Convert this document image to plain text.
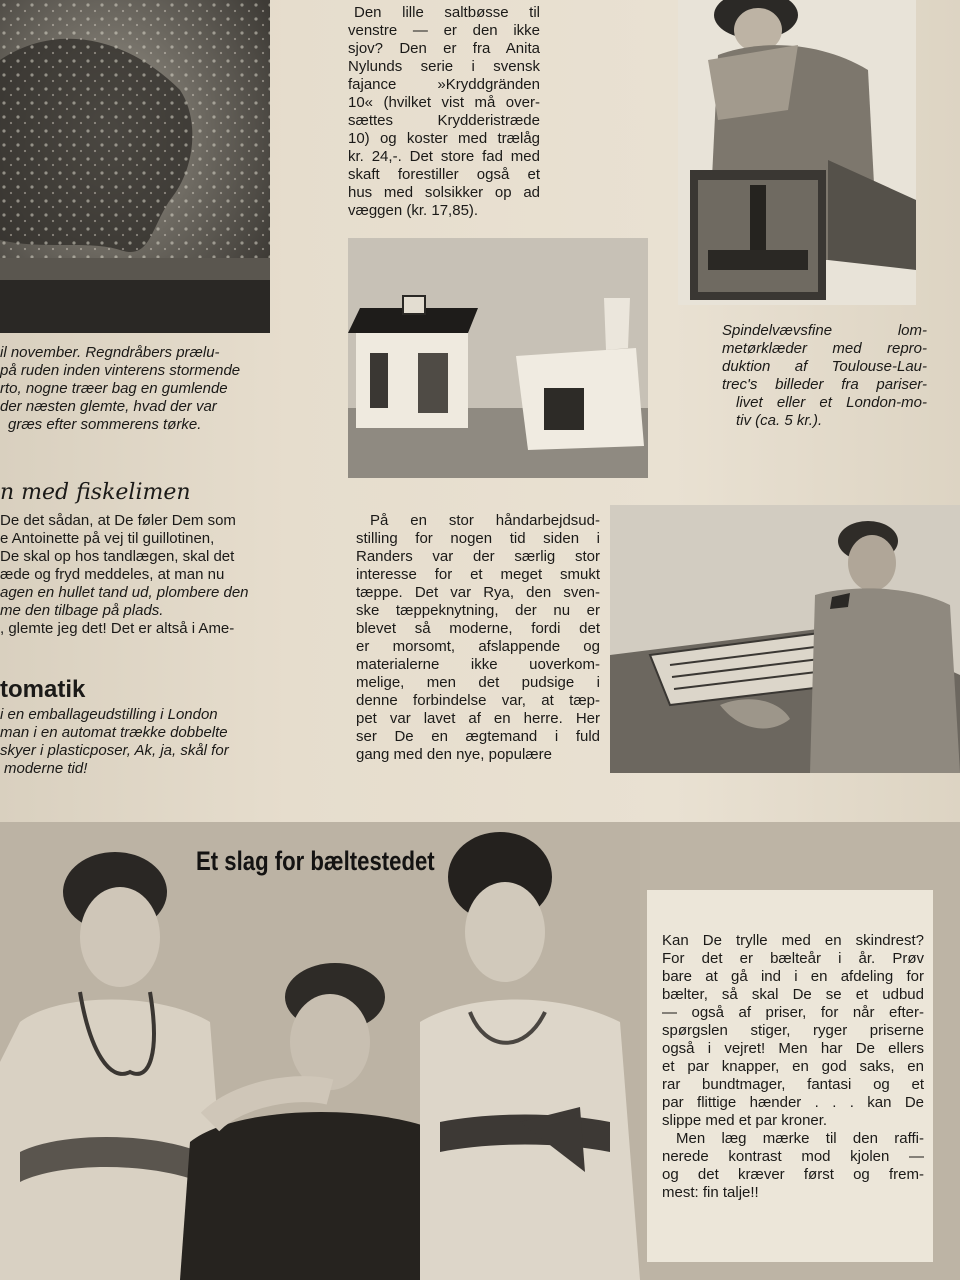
Den lille saltbøsse til
venstre — er den ikke
sjov? Den er fra Anita
Nylunds serie i svensk
fajance »Kryddgränden
10« (hvilket vist må over-
sættes Krydderistræde
10) og koster med trælåg
kr. 24,-. Det store fad med
skaft forestiller også et
hus med solsikker op ad
væggen (kr. 17,85).
Spindelvævsfine lom-
metørklæder med repro-
duktion af Toulouse-Lau-
trec's billeder fra pariser-
livet eller et London-mo-
tiv (ca. 5 kr.).
il november. Regndråbers prælu-
på ruden inden vinterens stormende
rto, nogne træer bag en gumlende
der næsten glemte, hvad der var
græs efter sommerens tørke.
n med fiskelimen
De det sådan, at De føler Dem som
e Antoinette på vej til guillotinen,
De skal op hos tandlægen, skal det
æde og fryd meddeles, at man nu
agen en hullet tand ud, plombere den
me den tilbage på plads.
, glemte jeg det! Det er altså i Ame-
tomatik
i en emballageudstilling i London
man i en automat trække dobbelte
skyer i plasticposer, Ak, ja, skål for
moderne tid!
På en stor håndarbejdsud-
stilling for nogen tid siden i
Randers var der særlig stor
interesse for et meget smukt
tæppe. Det var Rya, den sven-
ske tæppeknytning, der nu er
blevet så moderne, fordi det
er morsomt, afslappende og
materialerne ikke uoverkom-
melige, men det pudsige i
denne forbindelse var, at tæp-
pet var lavet af en herre. Her
ser De en ægtemand i fuld
gang med den nye, populære
Et slag for bæltestedet
Kan De trylle med en skindrest?
For det er bælteår i år. Prøv
bare at gå ind i en afdeling for
bælter, så skal De se et udbud
— også af priser, for når efter-
spørgslen stiger, ryger priserne
også i vejret! Men har De ellers
et par knapper, en god saks, en
rar bundtmager, fantasi og et
par flittige hænder . . . kan De
slippe med et par kroner.
Men læg mærke til den raffi-
nerede kontrast mod kjolen —
og det kræver først og frem-
mest: fin talje!!
